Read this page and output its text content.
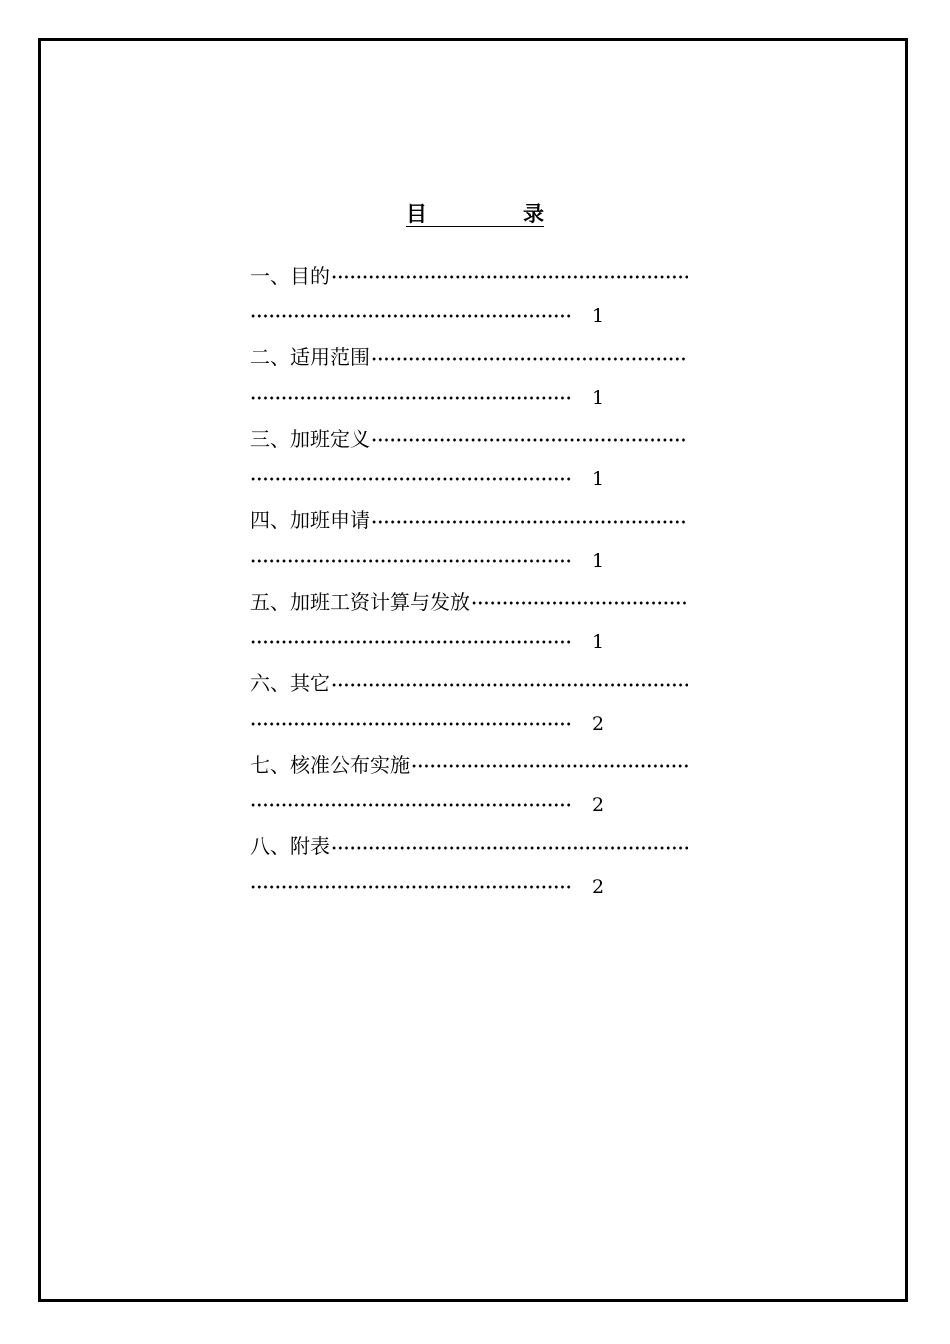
目	录
一、目的
1
二、适用范围
1
三、加班定义
1
四、加班申请
1
五、加班工资计算与发放
1
六、其它
2
七、核准公布实施
2
八、附表
2
